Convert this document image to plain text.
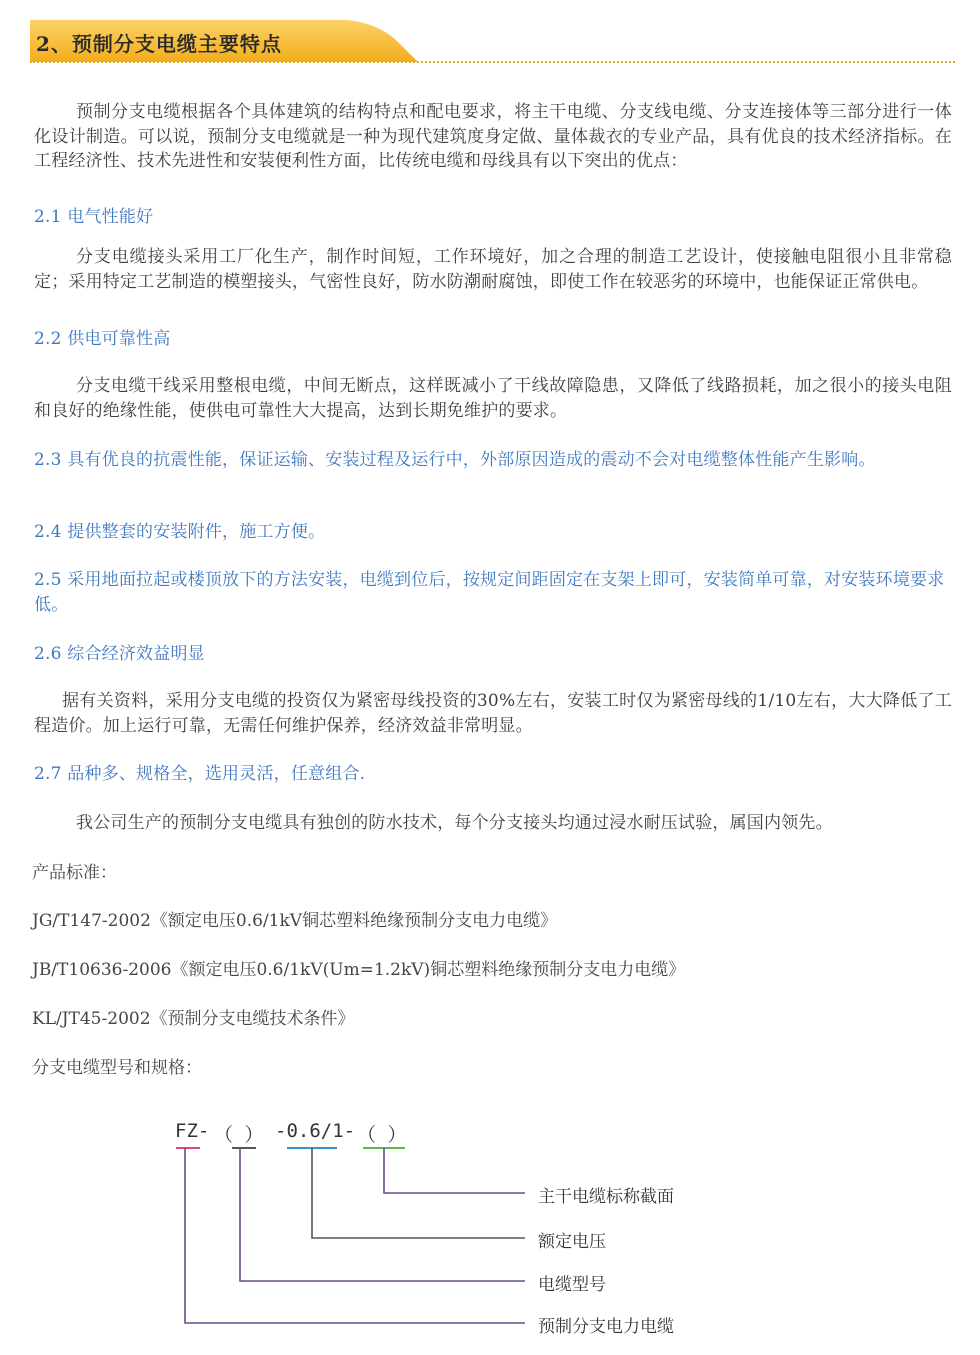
2、预制分支电缆主要特点
预制分支电缆根据各个具体建筑的结构特点和配电要求，将主干电缆、分支线电缆、分支连接体等三部分进行一体化设计制造。可以说，预制分支电缆就是一种为现代建筑度身定做、量体裁衣的专业产品，具有优良的技术经济指标。在工程经济性、技术先进性和安装便利性方面，比传统电缆和母线具有以下突出的优点：
2.1 电气性能好
分支电缆接头采用工厂化生产，制作时间短，工作环境好，加之合理的制造工艺设计，使接触电阻很小且非常稳定；采用特定工艺制造的模塑接头，气密性良好，防水防潮耐腐蚀，即使工作在较恶劣的环境中，也能保证正常供电。
2.2 供电可靠性高
分支电缆干线采用整根电缆，中间无断点，这样既减小了干线故障隐患，又降低了线路损耗，加之很小的接头电阻和良好的绝缘性能，使供电可靠性大大提高，达到长期免维护的要求。
2.3 具有优良的抗震性能，保证运输、安装过程及运行中，外部原因造成的震动不会对电缆整体性能产生影响。
2.4 提供整套的安装附件，施工方便。
2.5 采用地面拉起或楼顶放下的方法安装，电缆到位后，按规定间距固定在支架上即可，安装简单可靠，对安装环境要求低。
2.6 综合经济效益明显
据有关资料，采用分支电缆的投资仅为紧密母线投资的30%左右，安装工时仅为紧密母线的1/10左右，大大降低了工程造价。加上运行可靠，无需任何维护保养，经济效益非常明显。
2.7 品种多、规格全，选用灵活，任意组合.
我公司生产的预制分支电缆具有独创的防水技术，每个分支接头均通过浸水耐压试验，属国内领先。
产品标准：
JG/T147-2002《额定电压0.6/1kV铜芯塑料绝缘预制分支电力电缆》
JB/T10636-2006《额定电压0.6/1kV(Um=1.2kV)铜芯塑料绝缘预制分支电力电缆》
KL/JT45-2002《预制分支电缆技术条件》
分支电缆型号和规格：
FZ- （ ） -0.6/1- （ ）
主干电缆标称截面
额定电压
电缆型号
预制分支电力电缆
